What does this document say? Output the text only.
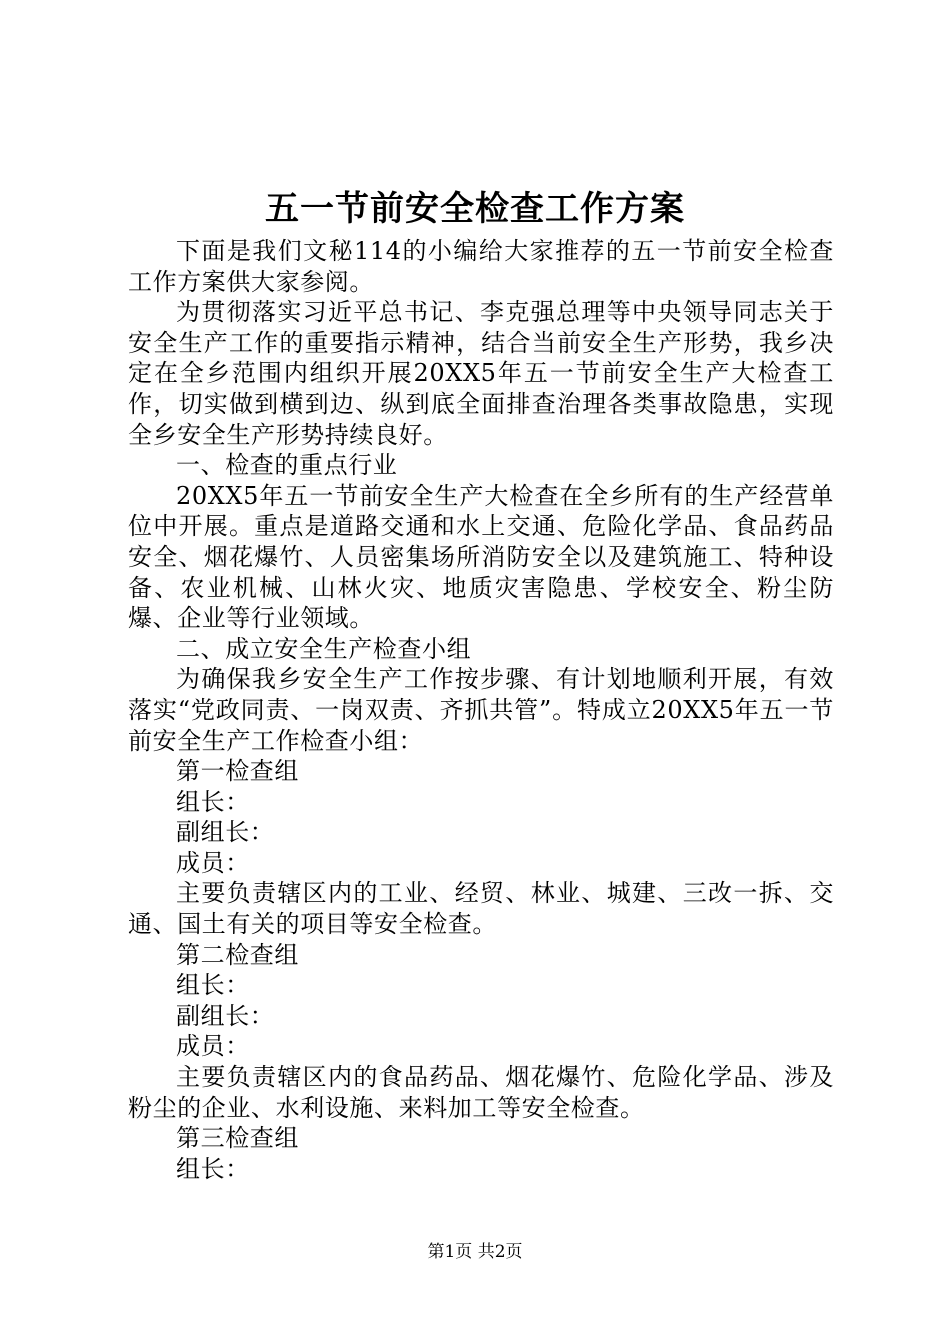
五一节前安全检查工作方案

下面是我们文秘114的小编给大家推荐的五一节前安全检查工作方案供大家参阅。

为贯彻落实习近平总书记、李克强总理等中央领导同志关于安全生产工作的重要指示精神，结合当前安全生产形势，我乡决定在全乡范围内组织开展20XX5年五一节前安全生产大检查工作，切实做到横到边、纵到底全面排查治理各类事故隐患，实现全乡安全生产形势持续良好。

一、检查的重点行业

20XX5年五一节前安全生产大检查在全乡所有的生产经营单位中开展。重点是道路交通和水上交通、危险化学品、食品药品安全、烟花爆竹、人员密集场所消防安全以及建筑施工、特种设备、农业机械、山林火灾、地质灾害隐患、学校安全、粉尘防爆、企业等行业领域。

二、成立安全生产检查小组

为确保我乡安全生产工作按步骤、有计划地顺利开展，有效落实“党政同责、一岗双责、齐抓共管”。特成立20XX5年五一节前安全生产工作检查小组：

第一检查组

组长：

副组长：

成员：

主要负责辖区内的工业、经贸、林业、城建、三改一拆、交通、国土有关的项目等安全检查。

第二检查组

组长：

副组长：

成员：

主要负责辖区内的食品药品、烟花爆竹、危险化学品、涉及粉尘的企业、水利设施、来料加工等安全检查。

第三检查组

组长：

第1页 共2页
